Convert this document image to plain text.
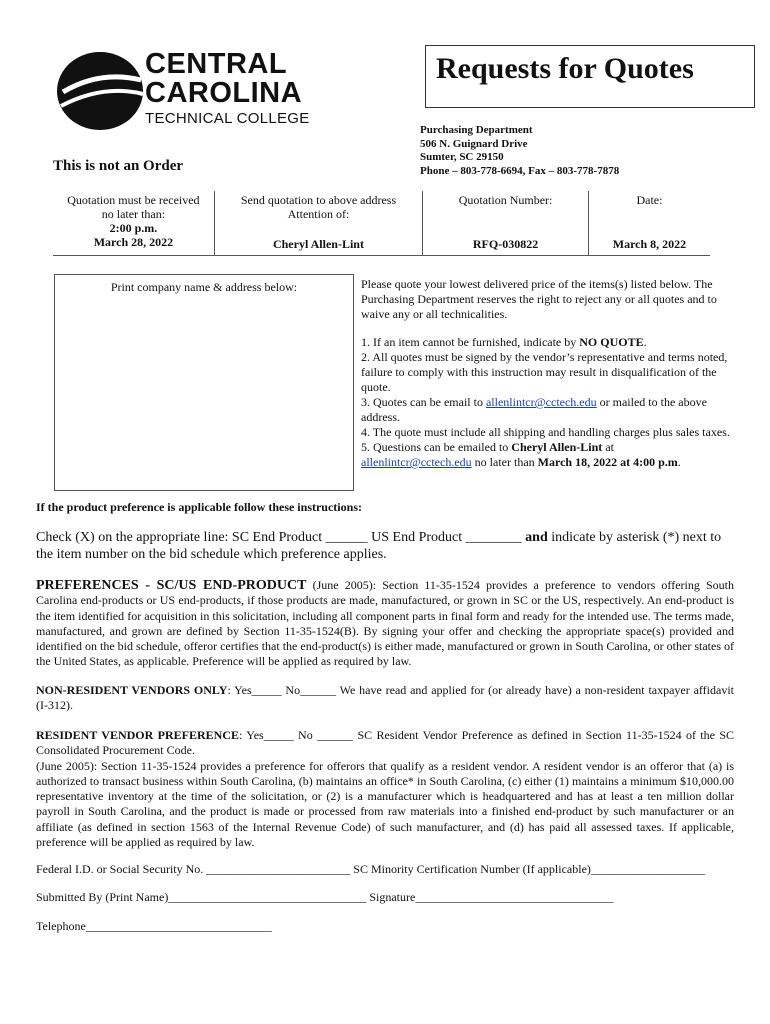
CENTRAL
CAROLINA
TECHNICAL COLLEGE
Requests for Quotes
Purchasing Department
506 N. Guignard Drive
Sumter, SC 29150
Phone – 803-778-6694, Fax – 803-778-7878
This is not an Order
Quotation must be received
no later than:
2:00 p.m.
March 28, 2022

Send quotation to above address
Attention of:
Cheryl Allen-Lint

Quotation Number:
RFQ-030822

Date:
March 8, 2022
Print company name & address below:	Please quote your lowest delivered price of the items(s) listed below. The Purchasing Department reserves the right to reject any or all quotes and to waive any or all technicalities.

1. If an item cannot be furnished, indicate by NO QUOTE.

2. All quotes must be signed by the vendor’s representative and terms noted, failure to comply with this instruction may result in disqualification of the quote.

3. Quotes can be email to allenlintcr@cctech.edu or mailed to the above address.

4. The quote must include all shipping and handling charges plus sales taxes.

5. Questions can be emailed to Cheryl Allen-Lint at
allenlintcr@cctech.edu no later than March 18, 2022 at 4:00 p.m.

If the product preference is applicable follow these instructions:
Check (X) on the appropriate line: SC End Product ______ US End Product ________ and indicate by asterisk (*) next to the item number on the bid schedule which preference applies.
PREFERENCES - SC/US END-PRODUCT (June 2005): Section 11-35-1524 provides a preference to vendors offering South Carolina end-products or US end-products, if those products are made, manufactured, or grown in SC or the US, respectively. An end-product is the item identified for acquisition in this solicitation, including all component parts in final form and ready for the intended use. The terms made, manufactured, and grown are defined by Section 11-35-1524(B). By signing your offer and checking the appropriate space(s) provided and identified on the bid schedule, offeror certifies that the end-product(s) is either made, manufactured or grown in South Carolina, or other states of the United States, as applicable. Preference will be applied as required by law.
NON-RESIDENT VENDORS ONLY: Yes_____ No______ We have read and applied for (or already have) a non-resident taxpayer affidavit (I-312).
RESIDENT VENDOR PREFERENCE: Yes_____ No ______ SC Resident Vendor Preference as defined in Section 11-35-1524 of the SC Consolidated Procurement Code.
(June 2005): Section 11-35-1524 provides a preference for offerors that qualify as a resident vendor. A resident vendor is an offeror that (a) is authorized to transact business within South Carolina, (b) maintains an office* in South Carolina, (c) either (1) maintains a minimum $10,000.00 representative inventory at the time of the solicitation, or (2) is a manufacturer which is headquartered and has at least a ten million dollar payroll in South Carolina, and the product is made or processed from raw materials into a finished end-product by such manufacturer or an affiliate (as defined in section 1563 of the Internal Revenue Code) of such manufacturer, and (d) has paid all assessed taxes. If applicable, preference will be applied as required by law.
Federal I.D. or Social Security No. ________________________ SC Minority Certification Number (If applicable)___________________
Submitted By (Print Name)_________________________________ Signature_________________________________
Telephone_______________________________
